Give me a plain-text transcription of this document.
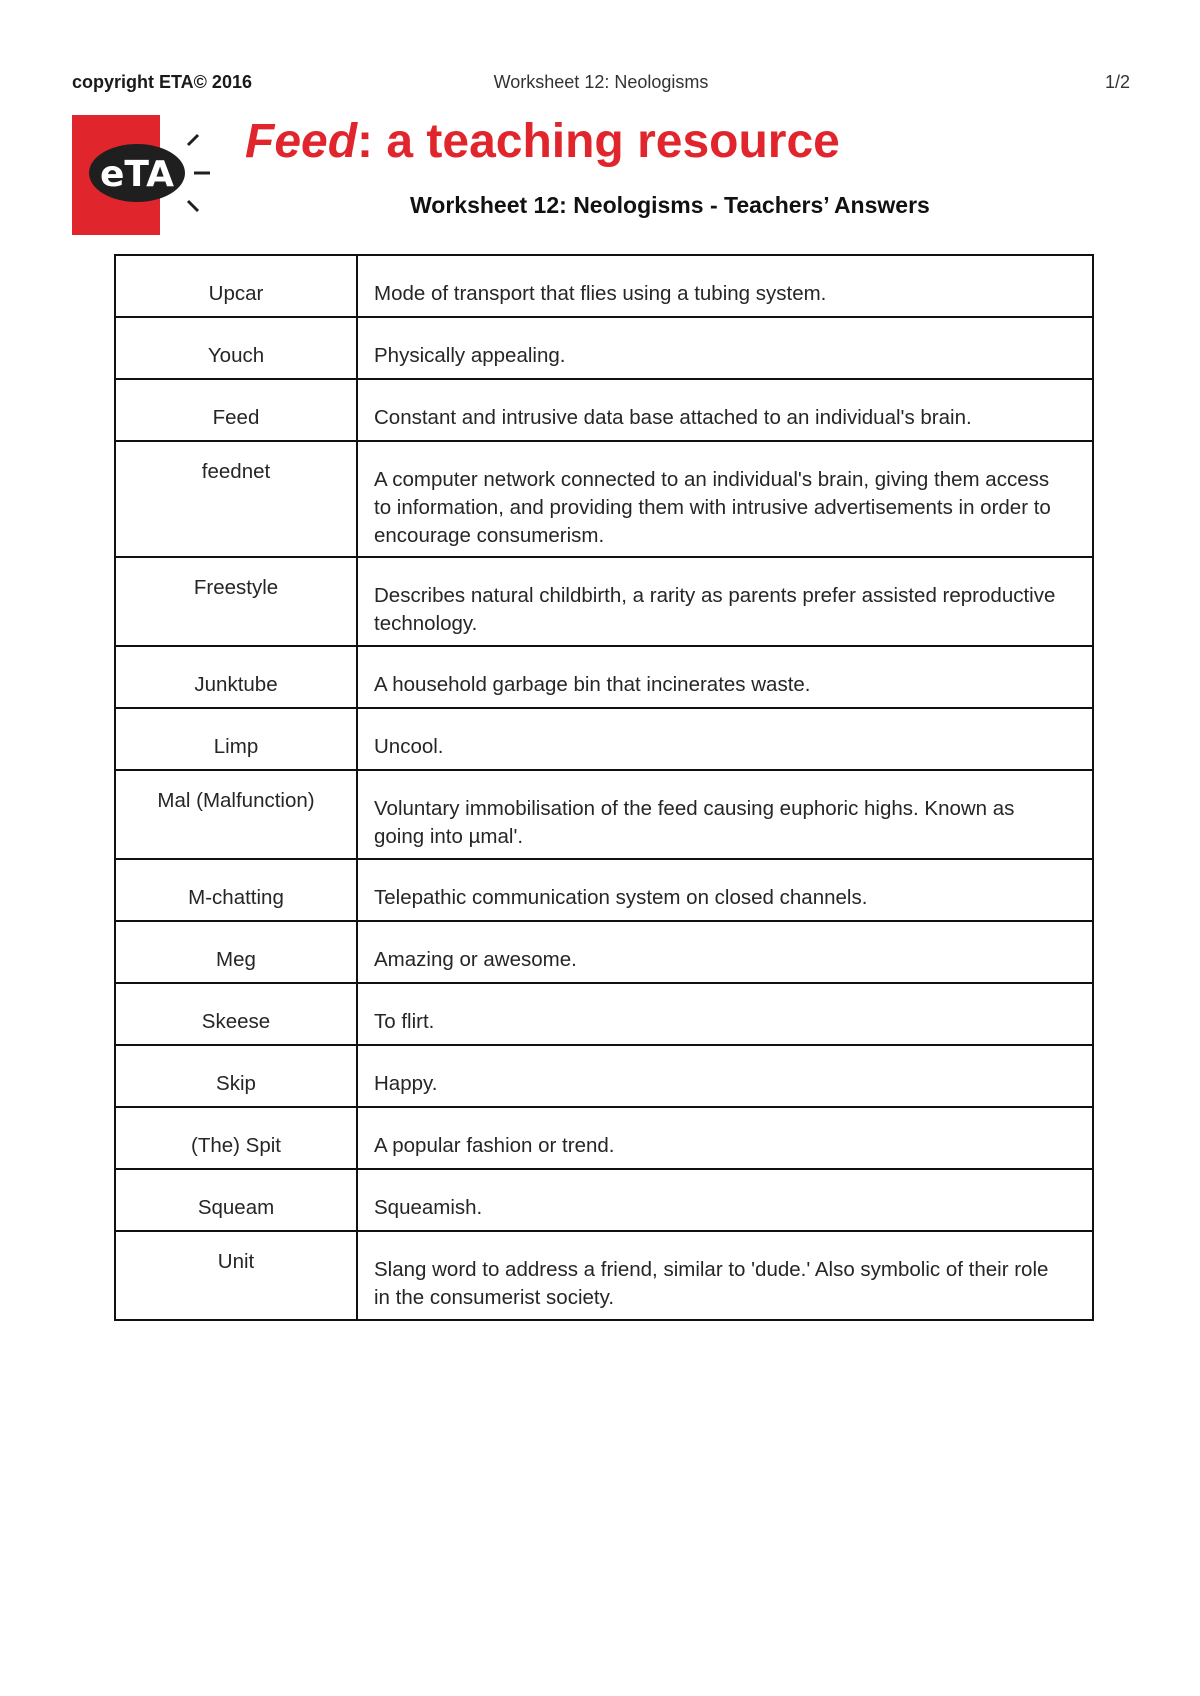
copyright ETA© 2016	Worksheet 12: Neologisms	1/2
eTA
Feed: a teaching resource
Worksheet 12: Neologisms - Teachers’ Answers
Upcar	Mode of transport that flies using a tubing system.
Youch	Physically appealing.
Feed	Constant and intrusive data base attached to an individual's brain.
feednet	A computer network connected to an individual's brain, giving them access to information, and providing them with intrusive advertisements in order to encourage consumerism.
Freestyle	Describes natural childbirth, a rarity as parents prefer assisted reproductive technology.
Junktube	A household garbage bin that incinerates waste.
Limp	Uncool.
Mal (Malfunction)	Voluntary immobilisation of the feed causing euphoric highs. Known as going into µmal'.
M-chatting	Telepathic communication system on closed channels.
Meg	Amazing or awesome.
Skeese	To flirt.
Skip	Happy.
(The) Spit	A popular fashion or trend.
Squeam	Squeamish.
Unit	Slang word to address a friend, similar to 'dude.' Also symbolic of their role in the consumerist society.
